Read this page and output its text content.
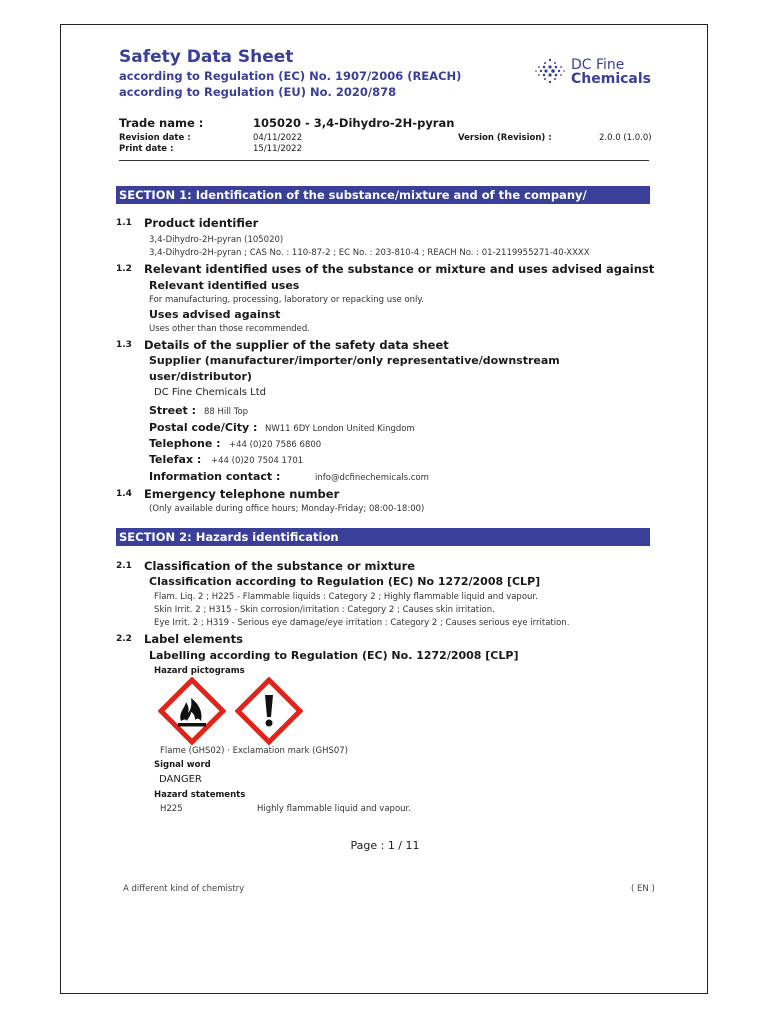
Safety Data Sheet
according to Regulation (EC) No. 1907/2006 (REACH)
according to Regulation (EU) No. 2020/878
DC Fine
Chemicals
Trade name :	105020 - 3,4-Dihydro-2H-pyran
Revision date :	04/11/2022
Print date :	15/11/2022
Version (Revision) :	2.0.0 (1.0.0)
SECTION 1: Identification of the substance/mixture and of the company/ undertaking
1.1 Product identifier
3,4-Dihydro-2H-pyran (105020)
3,4-Dihydro-2H-pyran ; CAS No. : 110-87-2 ; EC No. : 203-810-4 ; REACH No. : 01-2119955271-40-XXXX
1.2 Relevant identified uses of the substance or mixture and uses advised against
Relevant identified uses
For manufacturing, processing, laboratory or repacking use only.
Uses advised against
Uses other than those recommended.
1.3 Details of the supplier of the safety data sheet
Supplier (manufacturer/importer/only representative/downstream
user/distributor)
DC Fine Chemicals Ltd
Street : 88 Hill Top
Postal code/City : NW11 6DY London United Kingdom
Telephone : +44 (0)20 7586 6800
Telefax : +44 (0)20 7504 1701
Information contact :	info@dcfinechemicals.com
1.4 Emergency telephone number
(Only available during office hours; Monday-Friday; 08:00-18:00)
SECTION 2: Hazards identification
2.1 Classification of the substance or mixture
Classification according to Regulation (EC) No 1272/2008 [CLP]
Flam. Liq. 2 ; H225 - Flammable liquids : Category 2 ; Highly flammable liquid and vapour.
Skin Irrit. 2 ; H315 - Skin corrosion/irritation : Category 2 ; Causes skin irritation.
Eye Irrit. 2 ; H319 - Serious eye damage/eye irritation : Category 2 ; Causes serious eye irritation.
2.2 Label elements
Labelling according to Regulation (EC) No. 1272/2008 [CLP]
Hazard pictograms
Flame (GHS02) · Exclamation mark (GHS07)
Signal word
DANGER
Hazard statements
H225	Highly flammable liquid and vapour.
Page : 1 / 11
A different kind of chemistry	( EN )
